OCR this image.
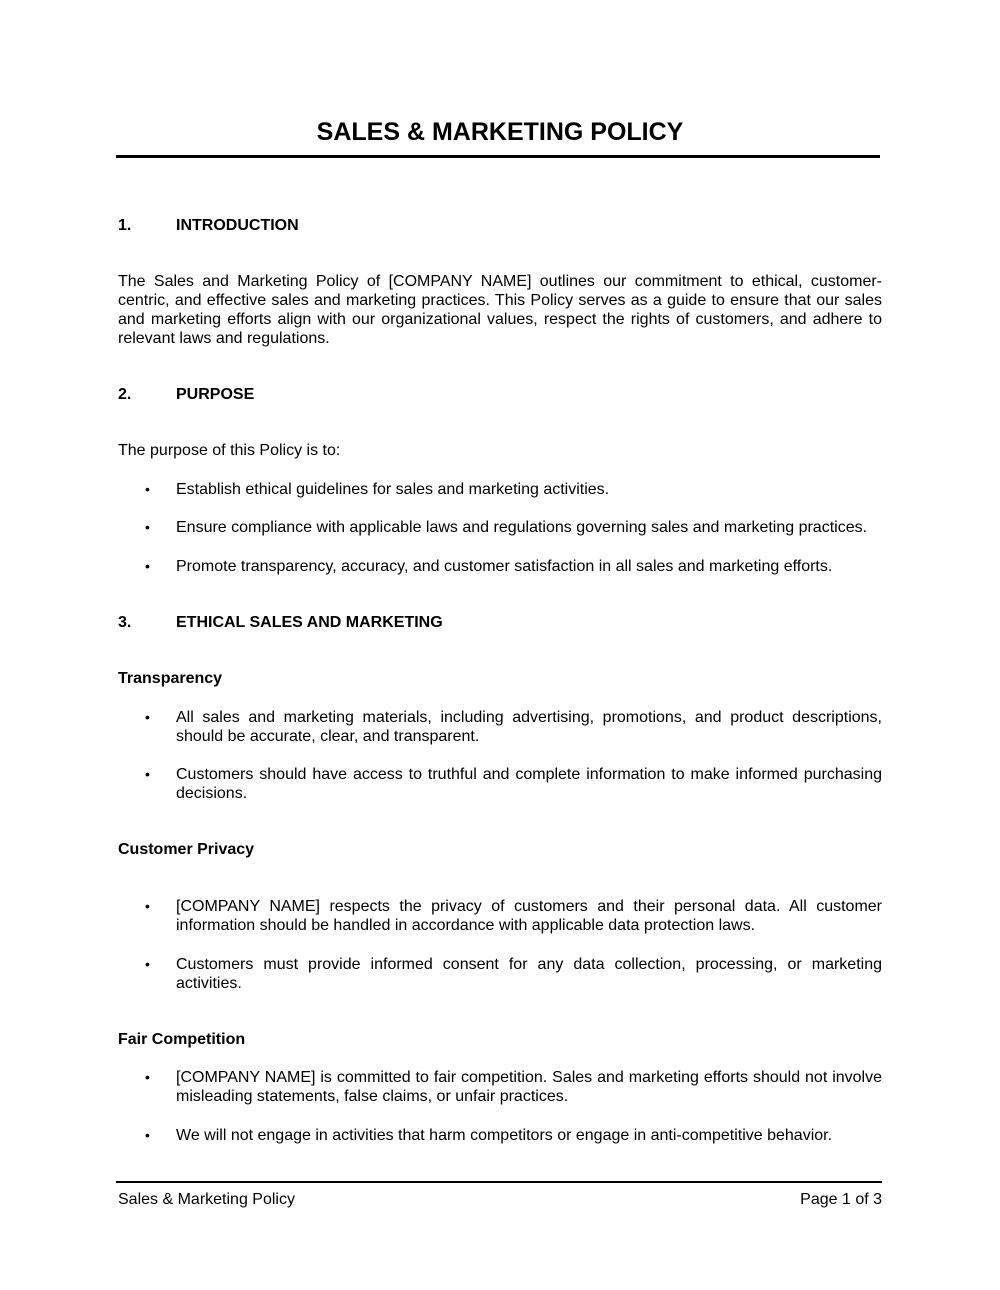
SALES & MARKETING POLICY
1.	INTRODUCTION
The Sales and Marketing Policy of [COMPANY NAME] outlines our commitment to ethical, customer-centric, and effective sales and marketing practices. This Policy serves as a guide to ensure that our sales and marketing efforts align with our organizational values, respect the rights of customers, and adhere to relevant laws and regulations.
2.	PURPOSE
The purpose of this Policy is to:
•	Establish ethical guidelines for sales and marketing activities.
•	Ensure compliance with applicable laws and regulations governing sales and marketing practices.
•	Promote transparency, accuracy, and customer satisfaction in all sales and marketing efforts.
3.	ETHICAL SALES AND MARKETING
Transparency
•	All sales and marketing materials, including advertising, promotions, and product descriptions, should be accurate, clear, and transparent.
•	Customers should have access to truthful and complete information to make informed purchasing decisions.
Customer Privacy
•	[COMPANY NAME] respects the privacy of customers and their personal data. All customer information should be handled in accordance with applicable data protection laws.
•	Customers must provide informed consent for any data collection, processing, or marketing activities.
Fair Competition
•	[COMPANY NAME] is committed to fair competition. Sales and marketing efforts should not involve misleading statements, false claims, or unfair practices.
•	We will not engage in activities that harm competitors or engage in anti-competitive behavior.
Sales & Marketing Policy	Page 1 of 3
